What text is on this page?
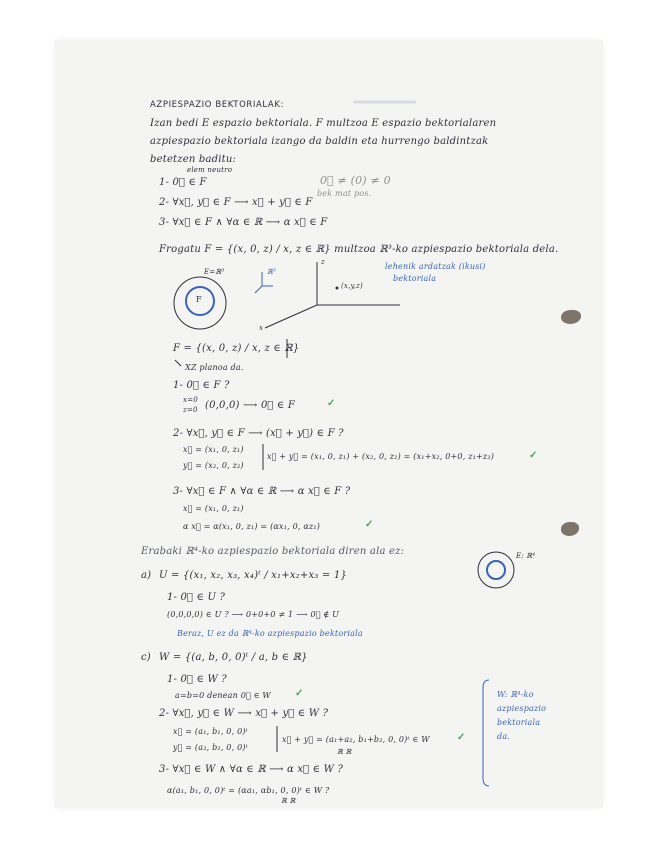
AZPIESPAZIO BEKTORIALAK:
Izan bedi E espazio bektoriala. F multzoa E espazio bektorialaren
azpiespazio bektoriala izango da baldin eta hurrengo baldintzak
betetzen baditu:
elem neutro
1- 0⃗ ∈ F
2- ∀x⃗, y⃗ ∈ F ⟶ x⃗ + y⃗ ∈ F
3- ∀x⃗ ∈ F ∧ ∀α ∈ ℝ ⟶ α x⃗ ∈ F
0⃗ ≠ (0) ≠ 0
bek mat pos.
Frogatu F = {(x, 0, z) / x, z ∈ ℝ} multzoa ℝ³-ko azpiespazio bektoriala dela.
lehenik ardatzak (ikusi)
bektoriala
E=ℝ³
F
ℝ³
z
x
(x,y,z)
F = {(x, 0, z) / x, z ∈ ℝ}
XZ planoa da.
1- 0⃗ ∈ F ?
x=0
z=0 (0,0,0) ⟶ 0⃗ ∈ F	✓
2- ∀x⃗, y⃗ ∈ F ⟶ (x⃗ + y⃗) ∈ F ?
x⃗ = (x₁, 0, z₁)
y⃗ = (x₂, 0, z₂)
x⃗ + y⃗ = (x₁, 0, z₁) + (x₂, 0, z₂) = (x₁+x₂, 0+0, z₁+z₂)	✓
3- ∀x⃗ ∈ F ∧ ∀α ∈ ℝ ⟶ α x⃗ ∈ F ?
x⃗ = (x₁, 0, z₁)
α x⃗ = α(x₁, 0, z₁) = (αx₁, 0, αz₁)	✓
Erabaki ℝ⁴-ko azpiespazio bektoriala diren ala ez:	E: ℝ⁴
a) U = {(x₁, x₂, x₃, x₄)ᵗ / x₁+x₂+x₃ = 1}
1- 0⃗ ∈ U ?
(0,0,0,0) ∈ U ? ⟶ 0+0+0 ≠ 1 ⟶ 0⃗ ∉ U
Beraz, U ez da ℝ⁴-ko azpiespazio bektoriala
c) W = {(a, b, 0, 0)ᵗ / a, b ∈ ℝ}
1- 0⃗ ∈ W ?
a=b=0 denean 0⃗ ∈ W ✓
2- ∀x⃗, y⃗ ∈ W ⟶ x⃗ + y⃗ ∈ W ?
x⃗ = (a₁, b₁, 0, 0)ᵗ
y⃗ = (a₂, b₂, 0, 0)ᵗ
x⃗ + y⃗ = (a₁+a₂, b₁+b₂, 0, 0)ᵗ ∈ W
ℝ ℝ
✓
3- ∀x⃗ ∈ W ∧ ∀α ∈ ℝ ⟶ α x⃗ ∈ W ?
α(a₁, b₁, 0, 0)ᵗ = (αa₁, αb₁, 0, 0)ᵗ ∈ W ?
ℝ ℝ
W: ℝ⁴-ko
azpiespazio
bektoriala
da.
